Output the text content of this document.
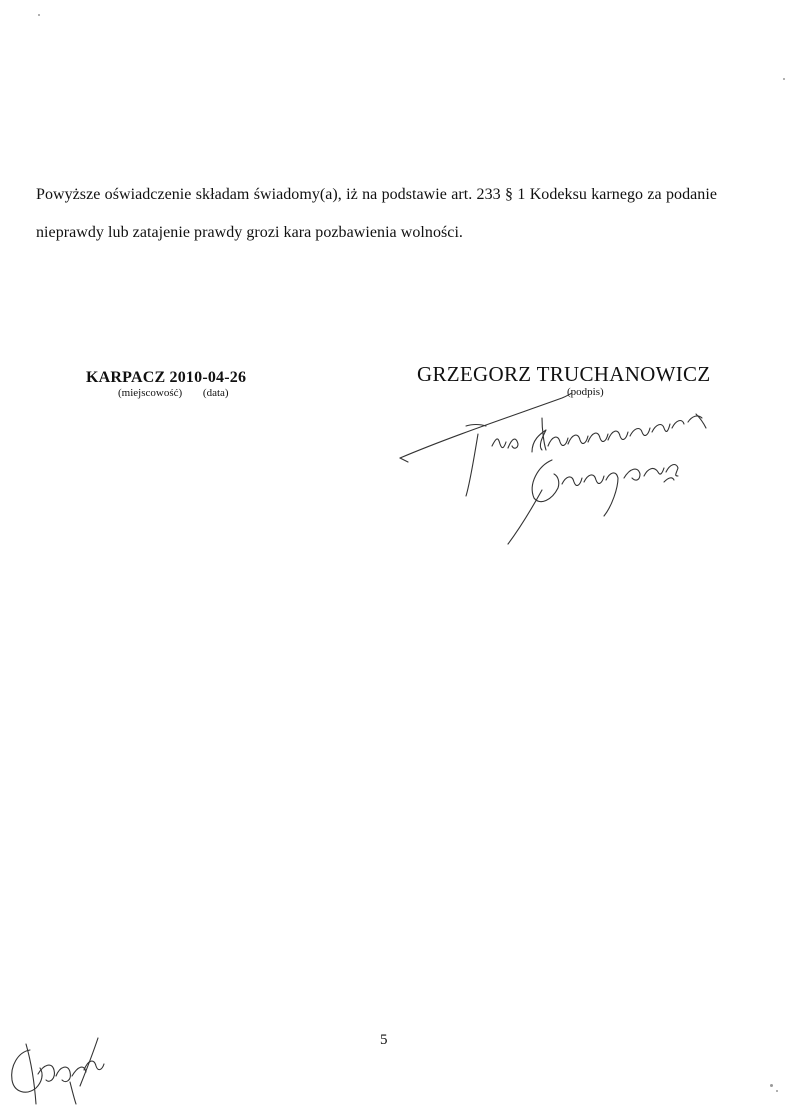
Powyższe oświadczenie składam świadomy(a), iż na podstawie art. 233 § 1 Kodeksu karnego za podanie
nieprawdy lub zatajenie prawdy grozi kara pozbawienia wolności.
KARPACZ 2010-04-26
(miejscowość) (data)
GRZEGORZ TRUCHANOWICZ
(podpis)
5
